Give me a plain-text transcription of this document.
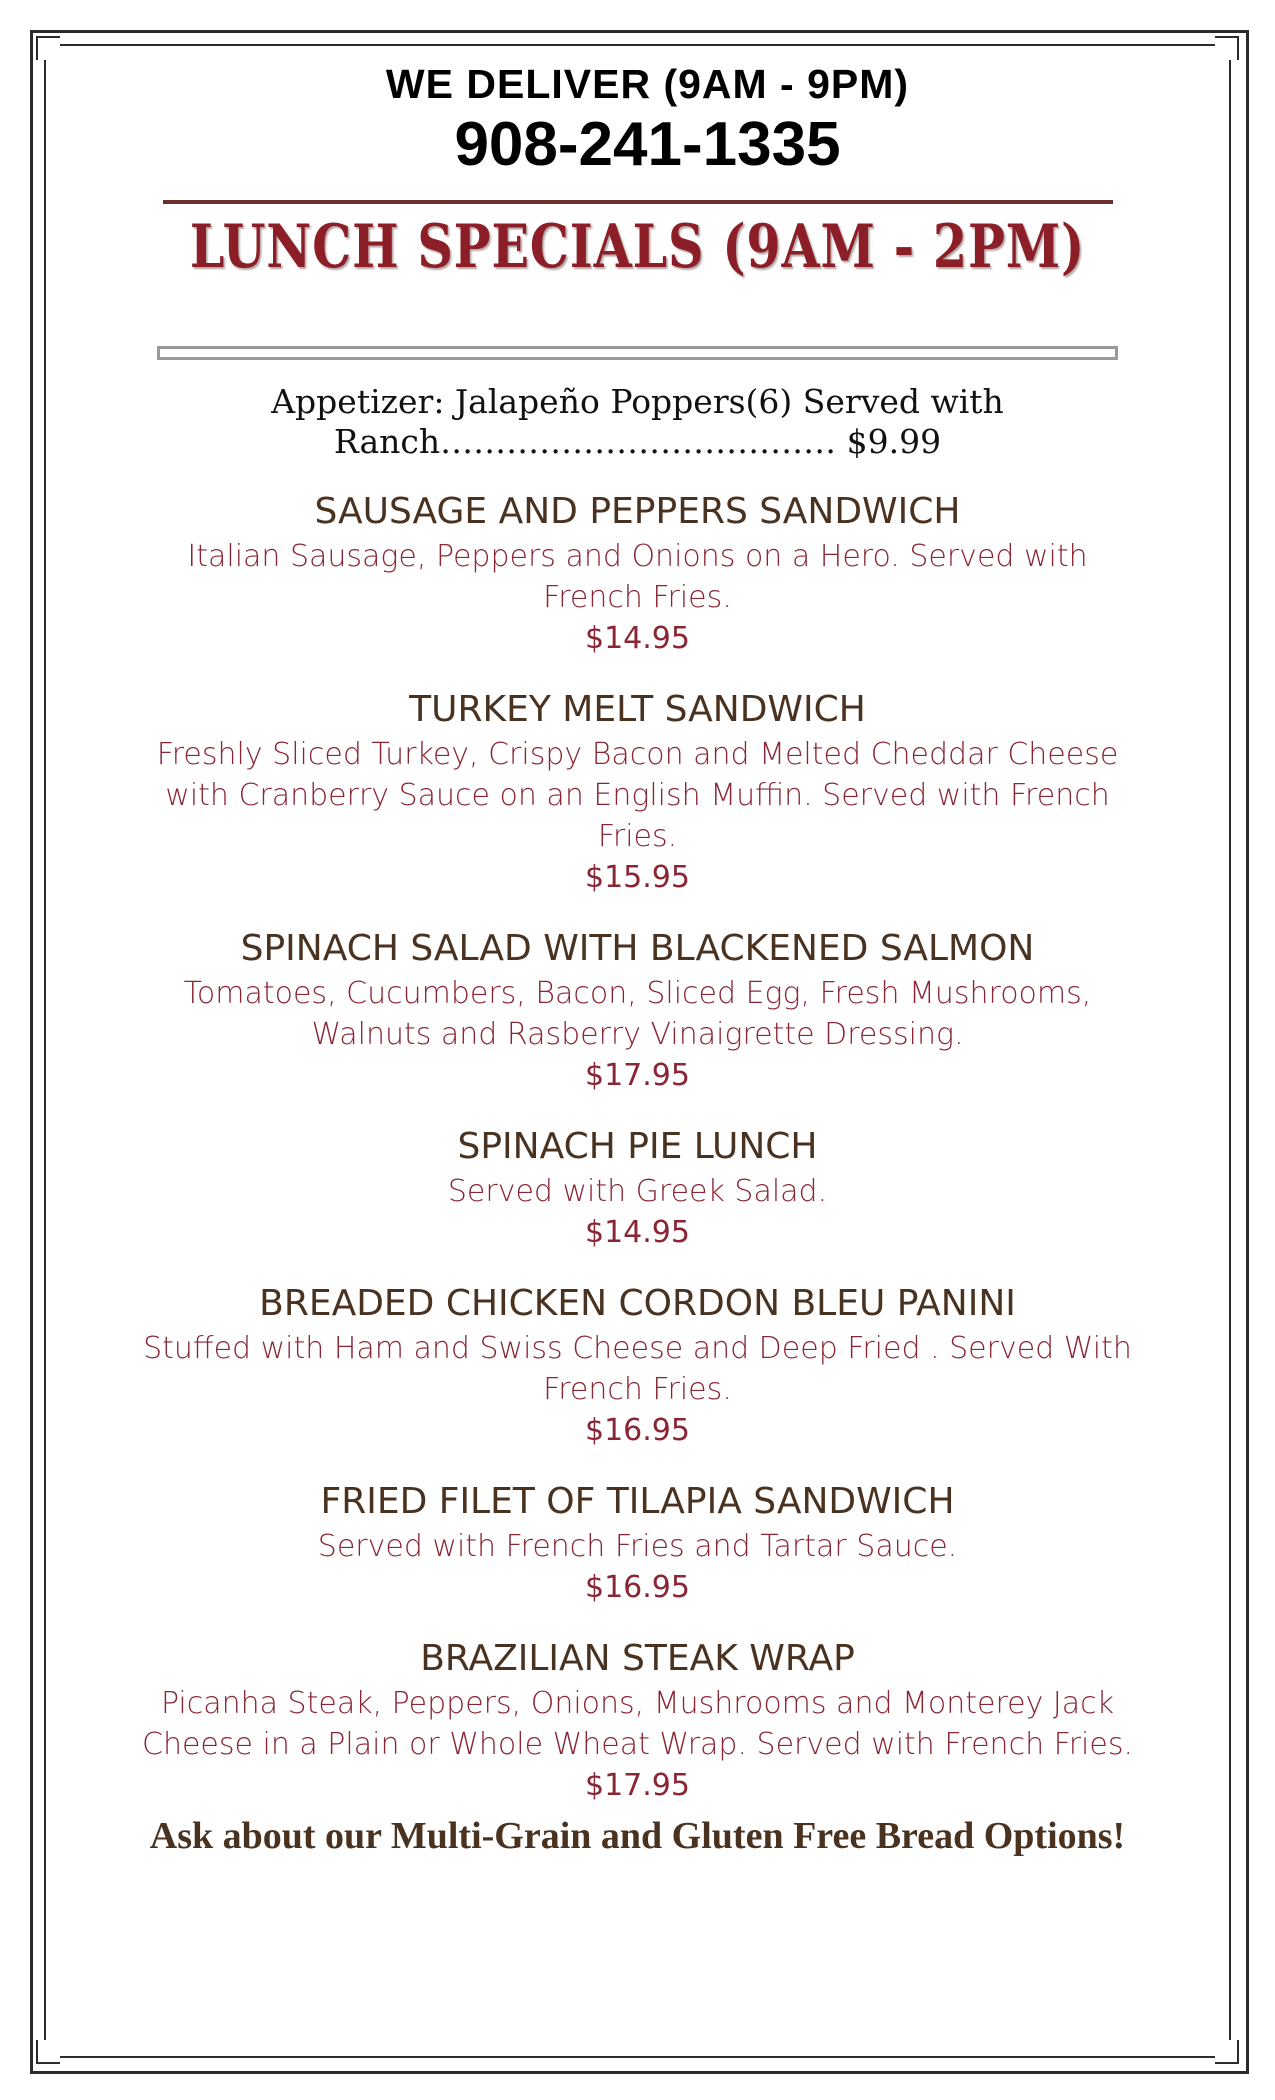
WE DELIVER (9AM - 9PM)
908-241-1335
LUNCH SPECIALS (9AM - 2PM)
Appetizer: Jalapeño Poppers(6) Served with
Ranch……………………………… $9.99
SAUSAGE AND PEPPERS SANDWICH
Italian Sausage, Peppers and Onions on a Hero. Served with French Fries.
$14.95
TURKEY MELT SANDWICH
Freshly Sliced Turkey, Crispy Bacon and Melted Cheddar Cheese with Cranberry Sauce on an English Muffin. Served with French Fries.
$15.95
SPINACH SALAD WITH BLACKENED SALMON
Tomatoes, Cucumbers, Bacon, Sliced Egg, Fresh Mushrooms, Walnuts and Rasberry Vinaigrette Dressing.
$17.95
SPINACH PIE LUNCH
Served with Greek Salad.
$14.95
BREADED CHICKEN CORDON BLEU PANINI
Stuffed with Ham and Swiss Cheese and Deep Fried . Served With French Fries.
$16.95
FRIED FILET OF TILAPIA SANDWICH
Served with French Fries and Tartar Sauce.
$16.95
BRAZILIAN STEAK WRAP
Picanha Steak, Peppers, Onions, Mushrooms and Monterey Jack Cheese in a Plain or Whole Wheat Wrap. Served with French Fries.
$17.95
Ask about our Multi-Grain and Gluten Free Bread Options!
